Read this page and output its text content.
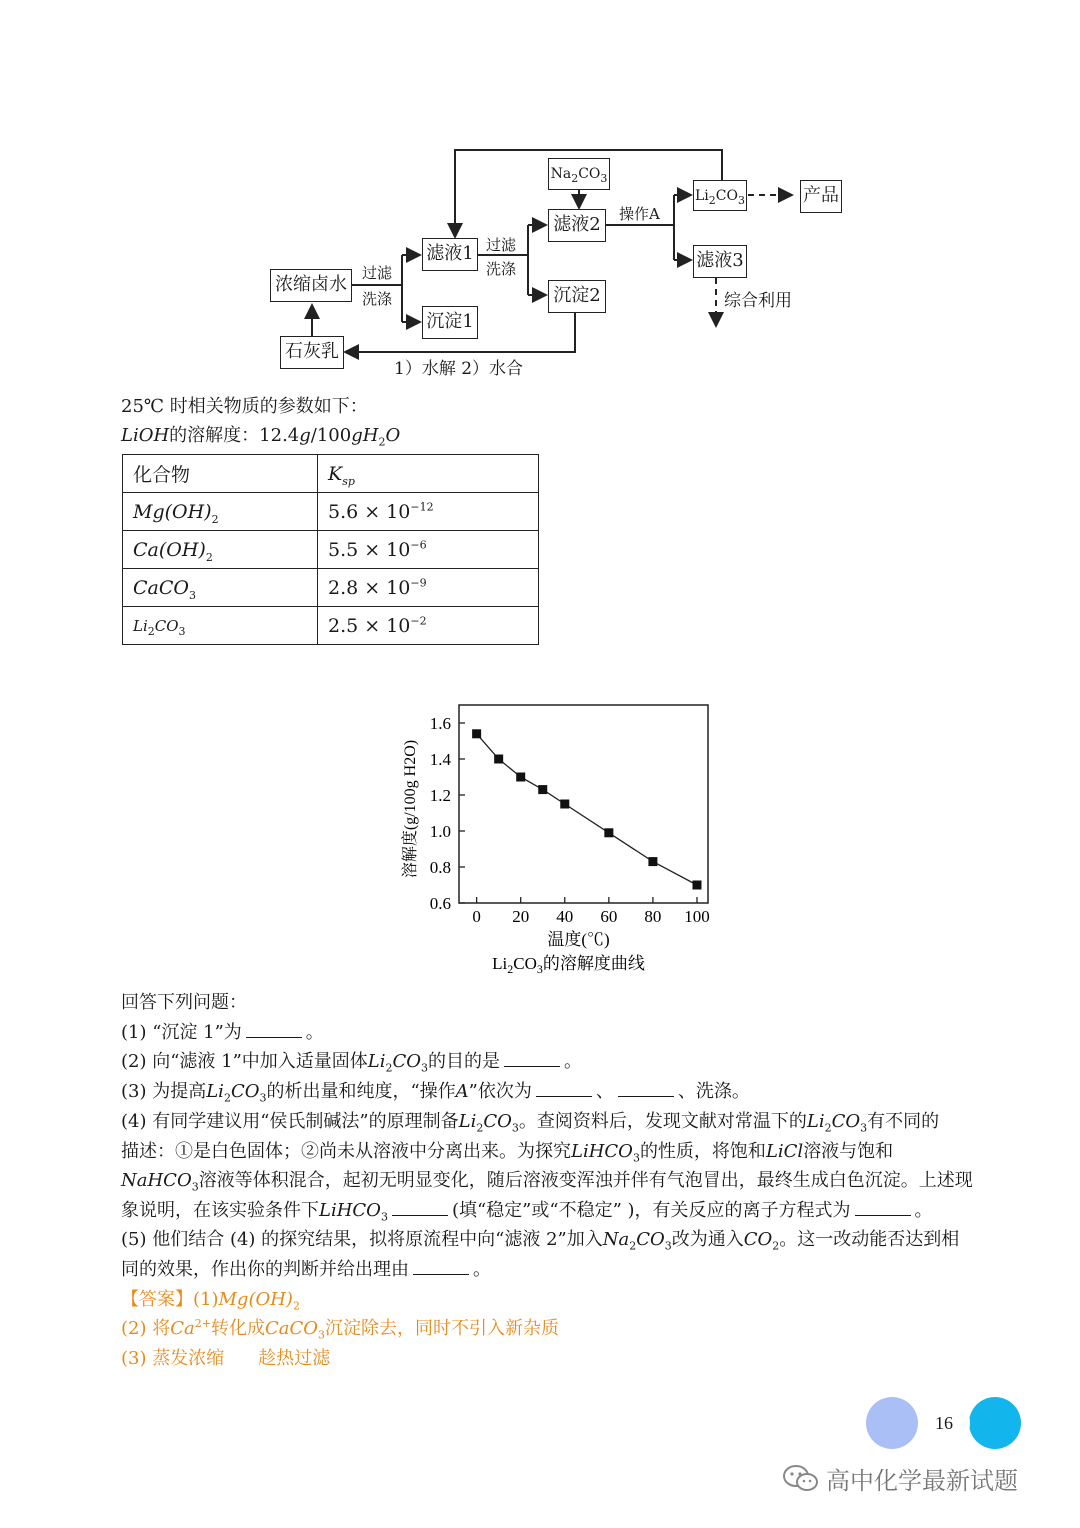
浓缩卤水
石灰乳
滤液1
沉淀1
$Na_2CO_3$
滤液2
沉淀2
$Li_2CO_3$
滤液3
产品
过滤
洗涤
过滤
洗涤
操作A
综合利用
1）水解 2）水合
25℃ 时相关物质的参数如下：
LiOH的溶解度：$12.4g/100gH_2O$
化合物	$K_{sp}$
$Mg(OH)_2$	$5.6 \times 10^{-12}$
$Ca(OH)_2$	$5.5 \times 10^{-6}$
CaCO$_3$	$2.8 \times 10^{-9}$
$Li_2CO_3$	$2.5 \times 10^{-2}$
0.6
0.8
1.0
1.2
1.4
1.6
0 20 40 60 80 100
温度(℃)
溶解度(g/100g H2O)
$Li_2CO_3$的溶解度曲线
回答下列问题：
(1) “沉淀 1”为	。
(2) 向“滤液 1”中加入适量固体$Li_2CO_3$的目的是	。
(3) 为提高$Li_2CO_3$的析出量和纯度，“操作A”依次为	、	、洗涤。
(4) 有同学建议用“侯氏制碱法”的原理制备$Li_2CO_3$。查阅资料后，发现文献对常温下的$Li_2CO_3$有不同的
描述：①是白色固体；②尚未从溶液中分离出来。为探究LiHCO$_3$的性质，将饱和LiCl溶液与饱和
NaHCO$_3$溶液等体积混合，起初无明显变化，随后溶液变浑浊并伴有气泡冒出，最终生成白色沉淀。上述现
象说明，在该实验条件下LiHCO$_3$	(填“稳定”或“不稳定” )，有关反应的离子方程式为	。
(5) 他们结合 (4) 的探究结果，拟将原流程中向“滤液 2”加入$Na_2CO_3$改为通入$CO_2$。这一改动能否达到相
同的效果，作出你的判断并给出理由	。
【答案】$(1)Mg(OH)_2$
(2) 将$Ca^{2+}$转化成CaCO$_3$沉淀除去，同时不引入新杂质
(3) 蒸发浓缩 趁热过滤
16
高中化学最新试题
